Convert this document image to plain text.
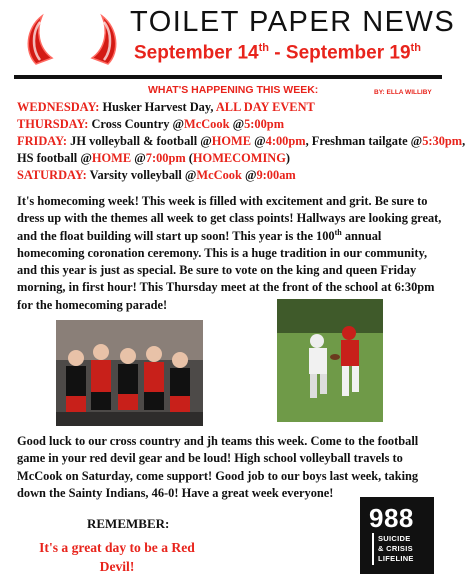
TOILET PAPER NEWS
September 14th - September 19th
WHAT'S HAPPENING THIS WEEK:	BY: ELLA WILLIBY
WEDNESDAY: Husker Harvest Day, ALL DAY EVENT
THURSDAY: Cross Country @McCook @5:00pm
FRIDAY: JH volleyball & football @HOME @4:00pm, Freshman tailgate @5:30pm,
HS football @HOME @7:00pm (HOMECOMING)
SATURDAY: Varsity volleyball @McCook @9:00am
It's homecoming week! This week is filled with excitement and grit. Be sure to dress up with the themes all week to get class points! Hallways are looking great, and the float building will start up soon! This year is the 100th annual homecoming coronation ceremony. This is a huge tradition in our community, and this year is just as special. Be sure to vote on the king and queen Friday morning, in first hour! This Thursday meet at the front of the school at 6:30pm for the homecoming parade!
Good luck to our cross country and jh teams this week. Come to the football game in your red devil gear and be loud! High school volleyball travels to McCook on Saturday, come support! Good job to our boys last week, taking down the Sainty Indians, 46-0! Have a great week everyone!
REMEMBER:
It's a great day to be a Red Devil!
988
SUICIDE
& CRISIS
LIFELINE
